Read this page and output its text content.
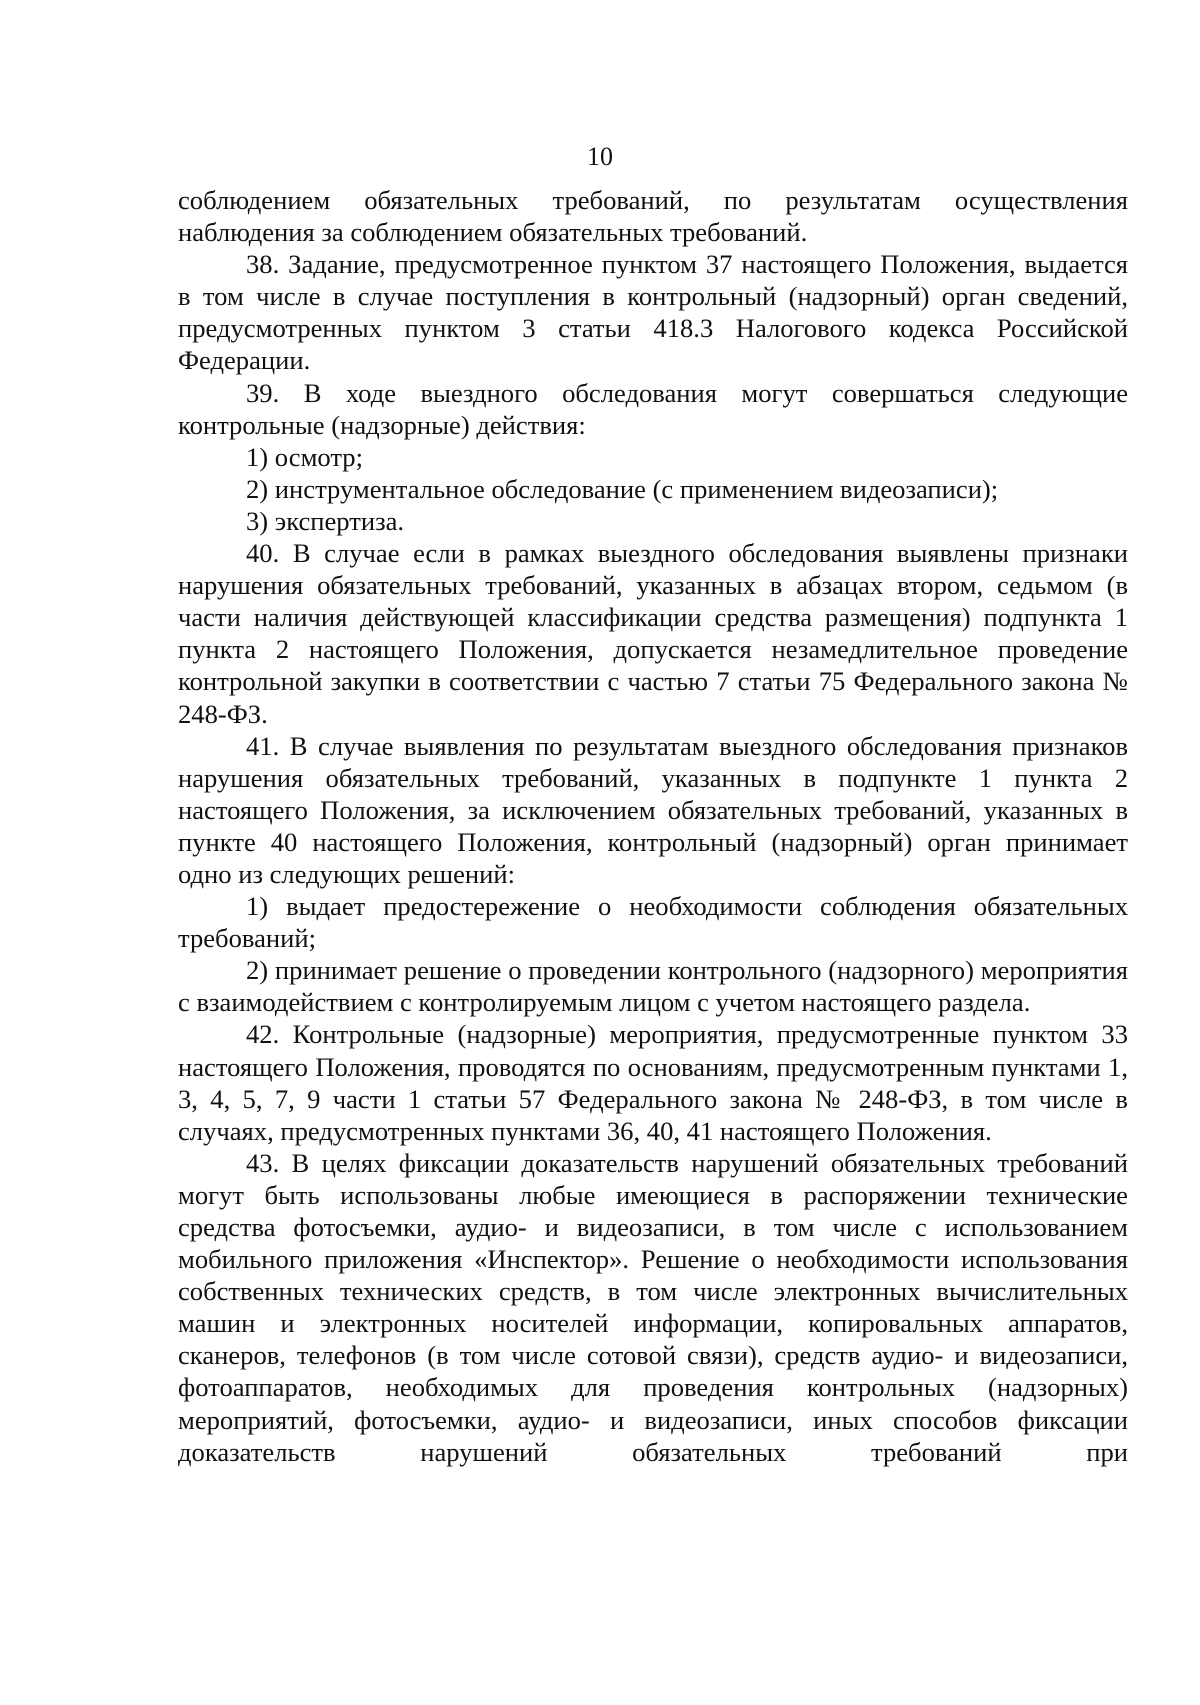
10

соблюдением обязательных требований, по результатам осуществления наблюдения за соблюдением обязательных требований.

38. Задание, предусмотренное пунктом 37 настоящего Положения, выдается в том числе в случае поступления в контрольный (надзорный) орган сведений, предусмотренных пунктом 3 статьи 418.3 Налогового кодекса Российской Федерации.

39. В ходе выездного обследования могут совершаться следующие контрольные (надзорные) действия:

1) осмотр;

2) инструментальное обследование (с применением видеозаписи);

3) экспертиза.

40. В случае если в рамках выездного обследования выявлены признаки нарушения обязательных требований, указанных в абзацах втором, седьмом (в части наличия действующей классификации средства размещения) подпункта 1 пункта 2 настоящего Положения, допускается незамедлительное проведение контрольной закупки в соответствии с частью 7 статьи 75 Федерального закона № 248-ФЗ.

41. В случае выявления по результатам выездного обследования признаков нарушения обязательных требований, указанных в подпункте 1 пункта 2 настоящего Положения, за исключением обязательных требований, указанных в пункте 40 настоящего Положения, контрольный (надзорный) орган принимает одно из следующих решений:

1) выдает предостережение о необходимости соблюдения обязательных требований;

2) принимает решение о проведении контрольного (надзорного) мероприятия с взаимодействием с контролируемым лицом с учетом настоящего раздела.

42. Контрольные (надзорные) мероприятия, предусмотренные пунктом 33 настоящего Положения, проводятся по основаниям, предусмотренным пунктами 1, 3, 4, 5, 7, 9 части 1 статьи 57 Федерального закона № 248-ФЗ, в том числе в случаях, предусмотренных пунктами 36, 40, 41 настоящего Положения.

43. В целях фиксации доказательств нарушений обязательных требований могут быть использованы любые имеющиеся в распоряжении технические средства фотосъемки, аудио- и видеозаписи, в том числе с использованием мобильного приложения «Инспектор». Решение о необходимости использования собственных технических средств, в том числе электронных вычислительных машин и электронных носителей информации, копировальных аппаратов, сканеров, телефонов (в том числе сотовой связи), средств аудио- и видеозаписи, фотоаппаратов, необходимых для проведения контрольных (надзорных) мероприятий, фотосъемки, аудио- и видеозаписи, иных способов фиксации доказательств нарушений обязательных требований при
